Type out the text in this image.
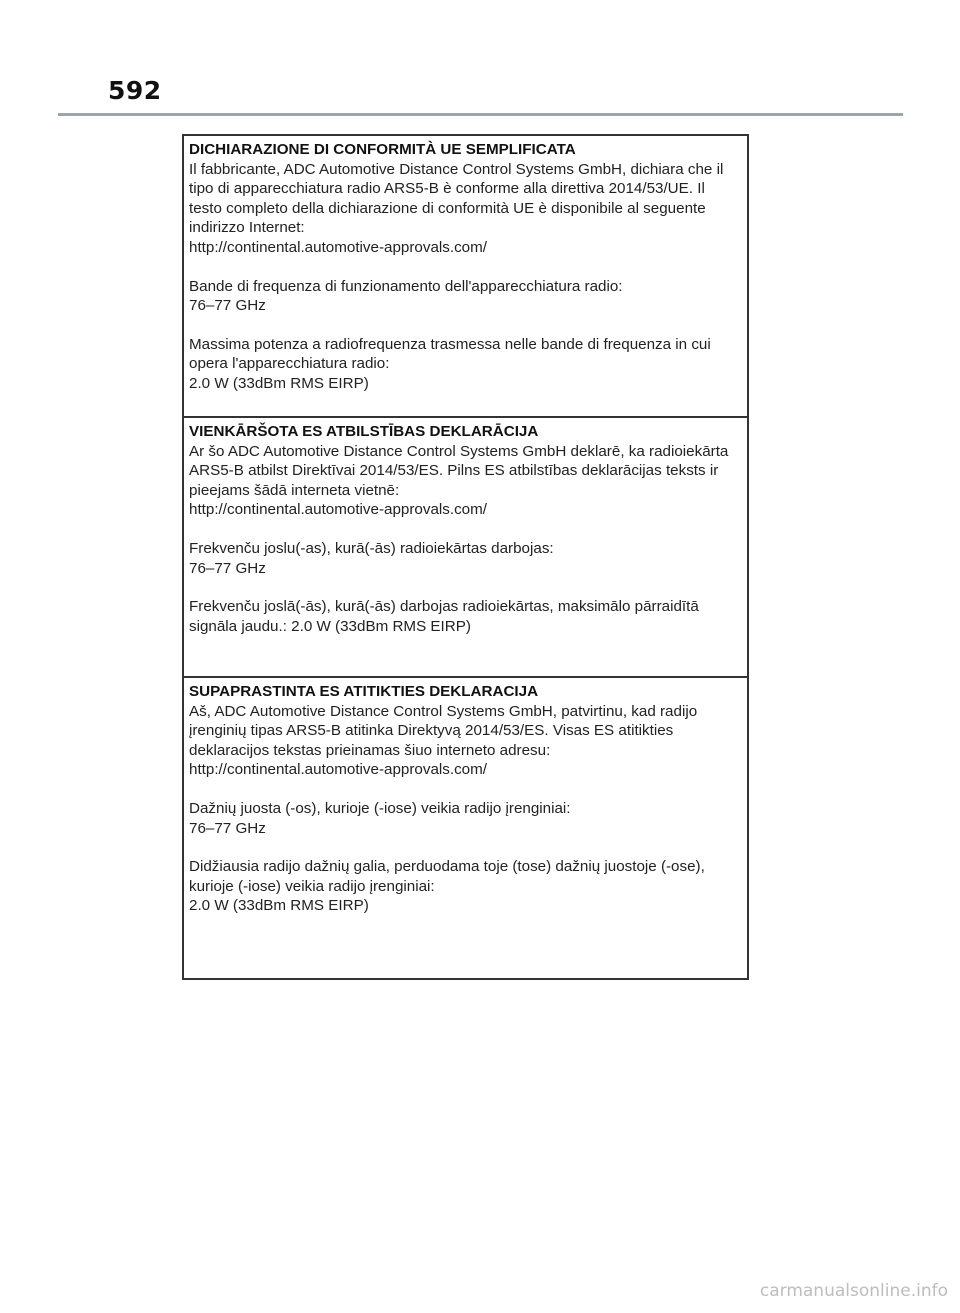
592
DICHIARAZIONE DI CONFORMITÀ UE SEMPLIFICATA

Il fabbricante, ADC Automotive Distance Control Systems GmbH, dichiara che il tipo di apparecchiatura radio ARS5-B è conforme alla direttiva 2014/53/UE. Il testo completo della dichiarazione di conformità UE è disponibile al seguente indirizzo Internet:

http://continental.automotive-approvals.com/

Bande di frequenza di funzionamento dell'apparecchiatura radio:

76–77 GHz

Massima potenza a radiofrequenza trasmessa nelle bande di frequenza in cui opera l'apparecchiatura radio:

2.0 W (33dBm RMS EIRP)

VIENKĀRŠOTA ES ATBILSTĪBAS DEKLARĀCIJA

Ar šo ADC Automotive Distance Control Systems GmbH deklarē, ka radioiekārta ARS5-B atbilst Direktīvai 2014/53/ES. Pilns ES atbilstības deklarācijas teksts ir pieejams šādā interneta vietnē:

http://continental.automotive-approvals.com/

Frekvenču joslu(-as), kurā(-ās) radioiekārtas darbojas:

76–77 GHz

Frekvenču joslā(-ās), kurā(-ās) darbojas radioiekārtas, maksimālo pārraidītā signāla jaudu.: 2.0 W (33dBm RMS EIRP)

SUPAPRASTINTA ES ATITIKTIES DEKLARACIJA

Aš, ADC Automotive Distance Control Systems GmbH, patvirtinu, kad radijo įrenginių tipas ARS5-B atitinka Direktyvą 2014/53/ES. Visas ES atitikties deklaracijos tekstas prieinamas šiuo interneto adresu:

http://continental.automotive-approvals.com/

Dažnių juosta (-os), kurioje (-iose) veikia radijo įrenginiai:

76–77 GHz

Didžiausia radijo dažnių galia, perduodama toje (tose) dažnių juostoje (-ose), kurioje (-iose) veikia radijo įrenginiai:

2.0 W (33dBm RMS EIRP)

carmanualsonline.info
